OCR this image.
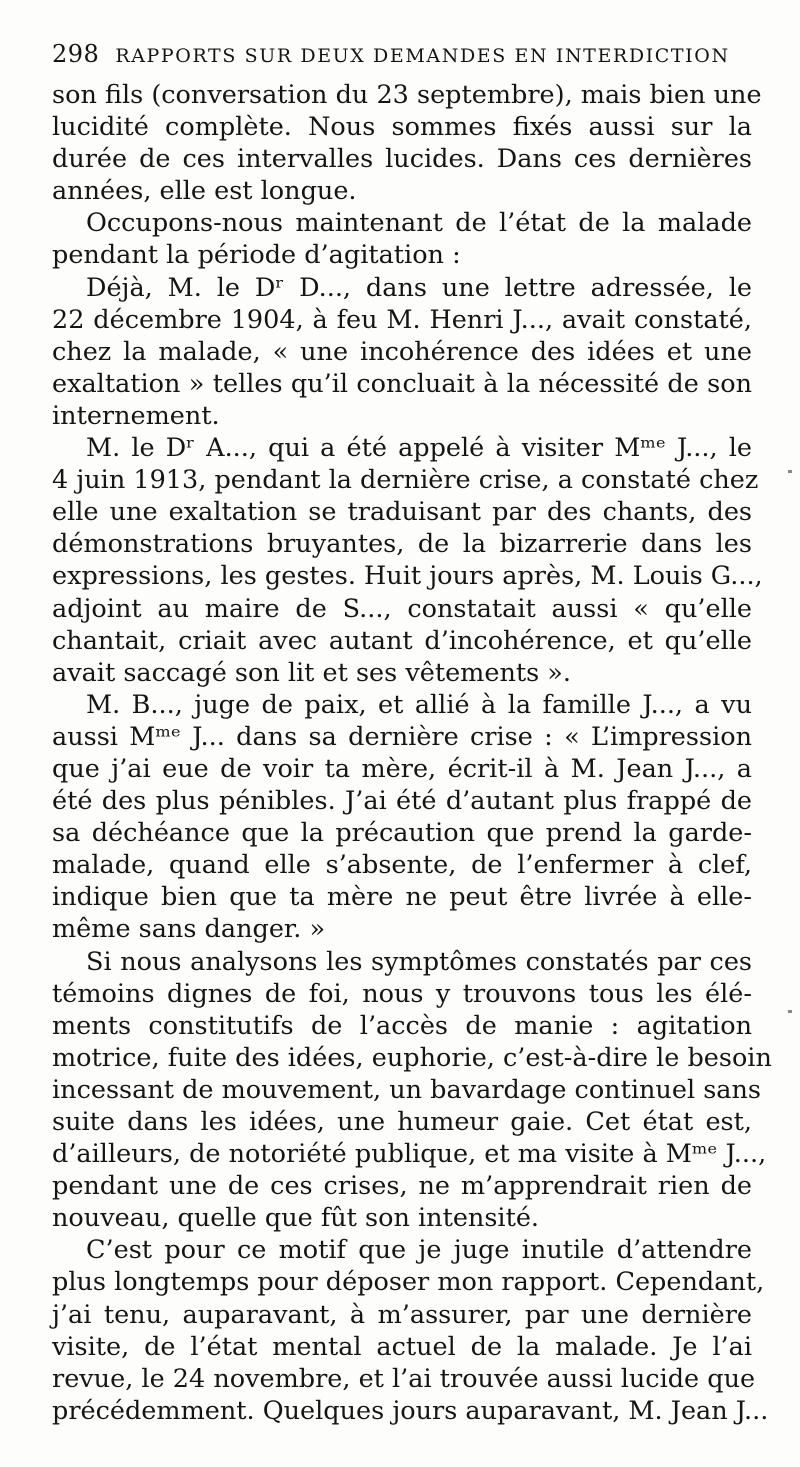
298 RAPPORTS SUR DEUX DEMANDES EN INTERDICTION
son fils (conversation du 23 septembre), mais bien une
lucidité complète. Nous sommes fixés aussi sur la
durée de ces intervalles lucides. Dans ces dernières
années, elle est longue.
Occupons-nous maintenant de l’état de la malade
pendant la période d’agitation :
Déjà, M. le Dʳ D..., dans une lettre adressée, le
22 décembre 1904, à feu M. Henri J..., avait constaté,
chez la malade, « une incohérence des idées et une
exaltation » telles qu’il concluait à la nécessité de son
internement.
M. le Dʳ A..., qui a été appelé à visiter Mᵐᵉ J..., le
4 juin 1913, pendant la dernière crise, a constaté chez
elle une exaltation se traduisant par des chants, des
démonstrations bruyantes, de la bizarrerie dans les
expressions, les gestes. Huit jours après, M. Louis G...,
adjoint au maire de S..., constatait aussi « qu’elle
chantait, criait avec autant d’incohérence, et qu’elle
avait saccagé son lit et ses vêtements ».
M. B..., juge de paix, et allié à la famille J..., a vu
aussi Mᵐᵉ J... dans sa dernière crise : « L’impression
que j’ai eue de voir ta mère, écrit-il à M. Jean J..., a
été des plus pénibles. J’ai été d’autant plus frappé de
sa déchéance que la précaution que prend la garde-
malade, quand elle s’absente, de l’enfermer à clef,
indique bien que ta mère ne peut être livrée à elle-
même sans danger. »
Si nous analysons les symptômes constatés par ces
témoins dignes de foi, nous y trouvons tous les élé-
ments constitutifs de l’accès de manie : agitation
motrice, fuite des idées, euphorie, c’est-à-dire le besoin
incessant de mouvement, un bavardage continuel sans
suite dans les idées, une humeur gaie. Cet état est,
d’ailleurs, de notoriété publique, et ma visite à Mᵐᵉ J...,
pendant une de ces crises, ne m’apprendrait rien de
nouveau, quelle que fût son intensité.
C’est pour ce motif que je juge inutile d’attendre
plus longtemps pour déposer mon rapport. Cependant,
j’ai tenu, auparavant, à m’assurer, par une dernière
visite, de l’état mental actuel de la malade. Je l’ai
revue, le 24 novembre, et l’ai trouvée aussi lucide que
précédemment. Quelques jours auparavant, M. Jean J...
